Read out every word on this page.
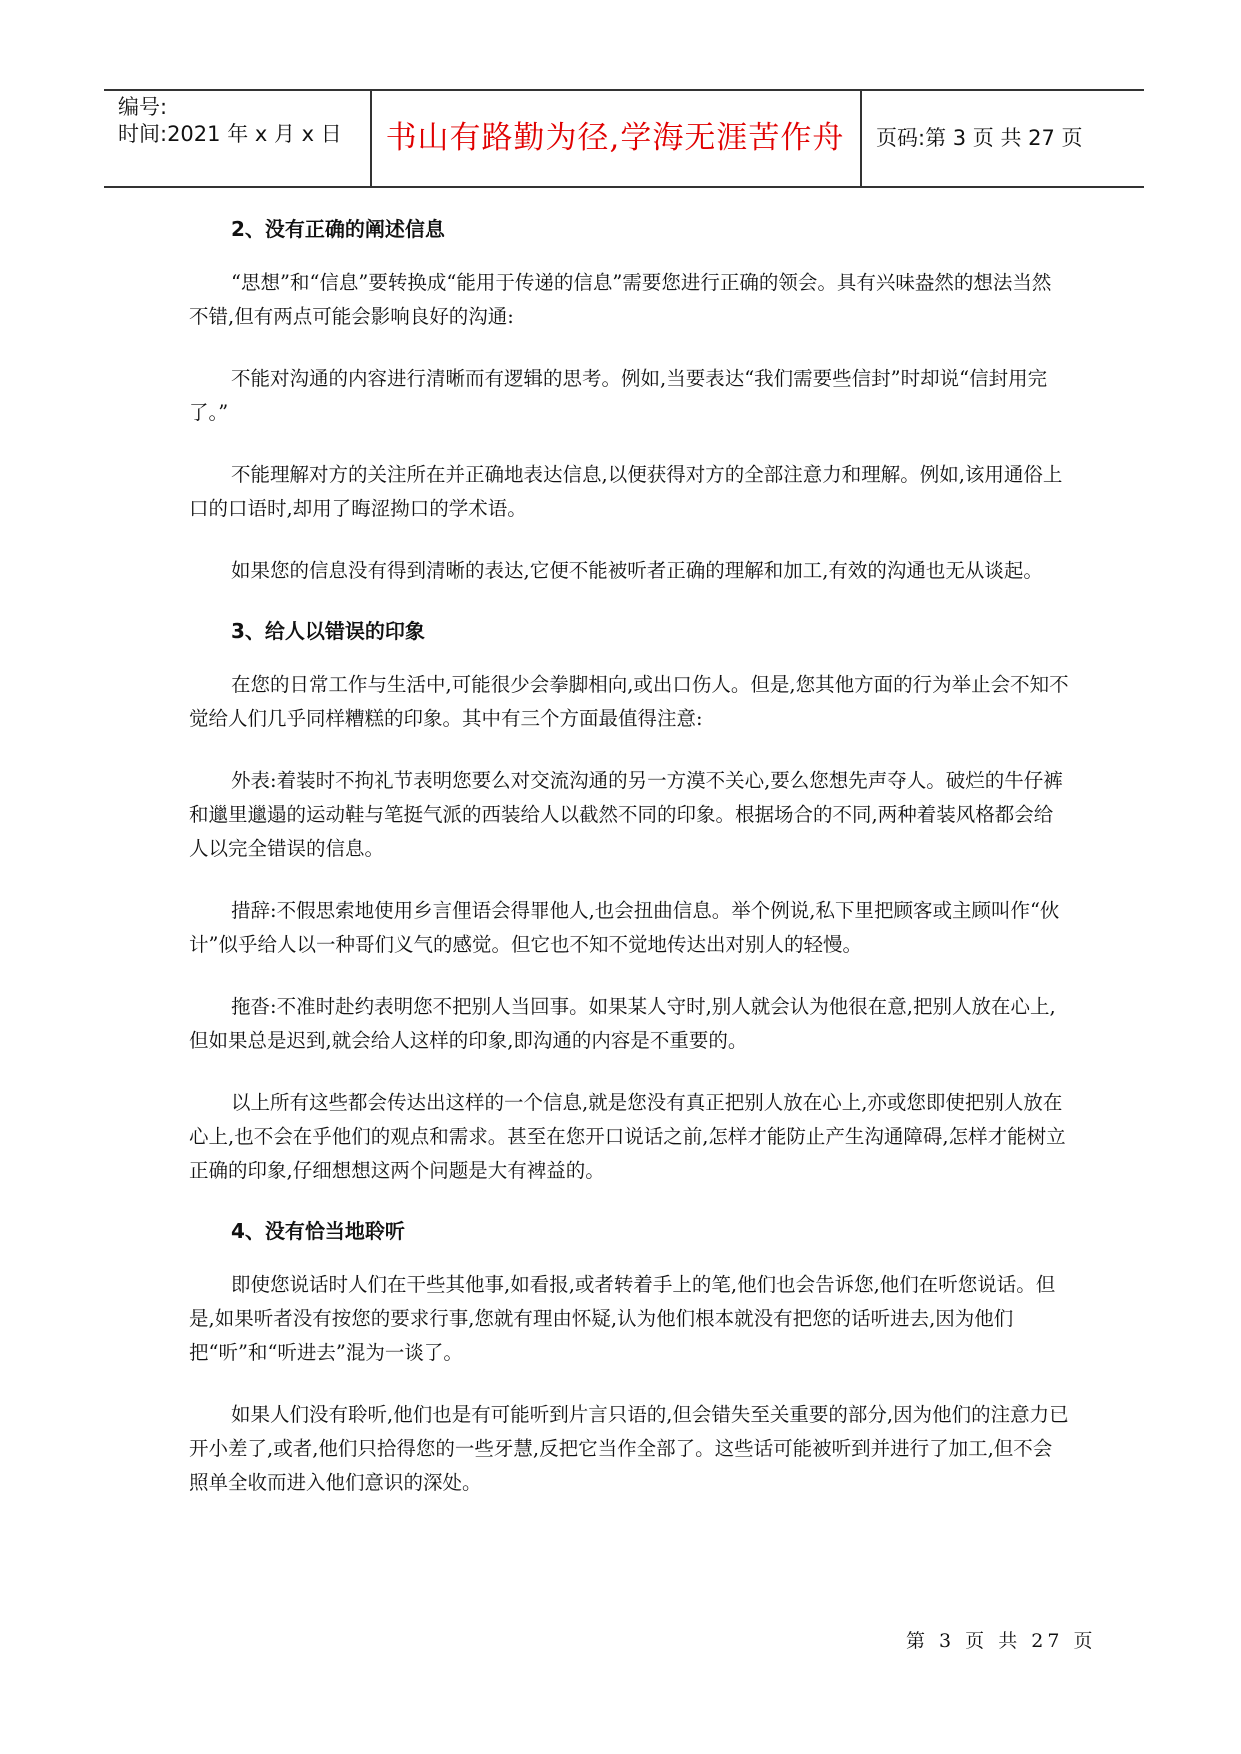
编号:
时间:2021 年 x 月 x 日	书山有路勤为径,学海无涯苦作舟	页码:第 3 页 共 27 页
2、没有正确的阐述信息

“思想”和“信息”要转换成“能用于传递的信息”需要您进行正确的领会。具有兴味盎然的想法当然不错,但有两点可能会影响良好的沟通:

不能对沟通的内容进行清晰而有逻辑的思考。例如,当要表达“我们需要些信封”时却说“信封用完了。”

不能理解对方的关注所在并正确地表达信息,以便获得对方的全部注意力和理解。例如,该用通俗上口的口语时,却用了晦涩拗口的学术语。

如果您的信息没有得到清晰的表达,它便不能被听者正确的理解和加工,有效的沟通也无从谈起。

3、给人以错误的印象

在您的日常工作与生活中,可能很少会拳脚相向,或出口伤人。但是,您其他方面的行为举止会不知不觉给人们几乎同样糟糕的印象。其中有三个方面最值得注意:

外表:着装时不拘礼节表明您要么对交流沟通的另一方漠不关心,要么您想先声夺人。破烂的牛仔裤和邋里邋遢的运动鞋与笔挺气派的西装给人以截然不同的印象。根据场合的不同,两种着装风格都会给人以完全错误的信息。

措辞:不假思索地使用乡言俚语会得罪他人,也会扭曲信息。举个例说,私下里把顾客或主顾叫作“伙计”似乎给人以一种哥们义气的感觉。但它也不知不觉地传达出对别人的轻慢。

拖沓:不准时赴约表明您不把别人当回事。如果某人守时,别人就会认为他很在意,把别人放在心上,但如果总是迟到,就会给人这样的印象,即沟通的内容是不重要的。

以上所有这些都会传达出这样的一个信息,就是您没有真正把别人放在心上,亦或您即使把别人放在心上,也不会在乎他们的观点和需求。甚至在您开口说话之前,怎样才能防止产生沟通障碍,怎样才能树立正确的印象,仔细想想这两个问题是大有裨益的。

4、没有恰当地聆听

即使您说话时人们在干些其他事,如看报,或者转着手上的笔,他们也会告诉您,他们在听您说话。但是,如果听者没有按您的要求行事,您就有理由怀疑,认为他们根本就没有把您的话听进去,因为他们把“听”和“听进去”混为一谈了。

如果人们没有聆听,他们也是有可能听到片言只语的,但会错失至关重要的部分,因为他们的注意力已开小差了,或者,他们只拾得您的一些牙慧,反把它当作全部了。这些话可能被听到并进行了加工,但不会照单全收而进入他们意识的深处。

第 3 页 共 27 页
